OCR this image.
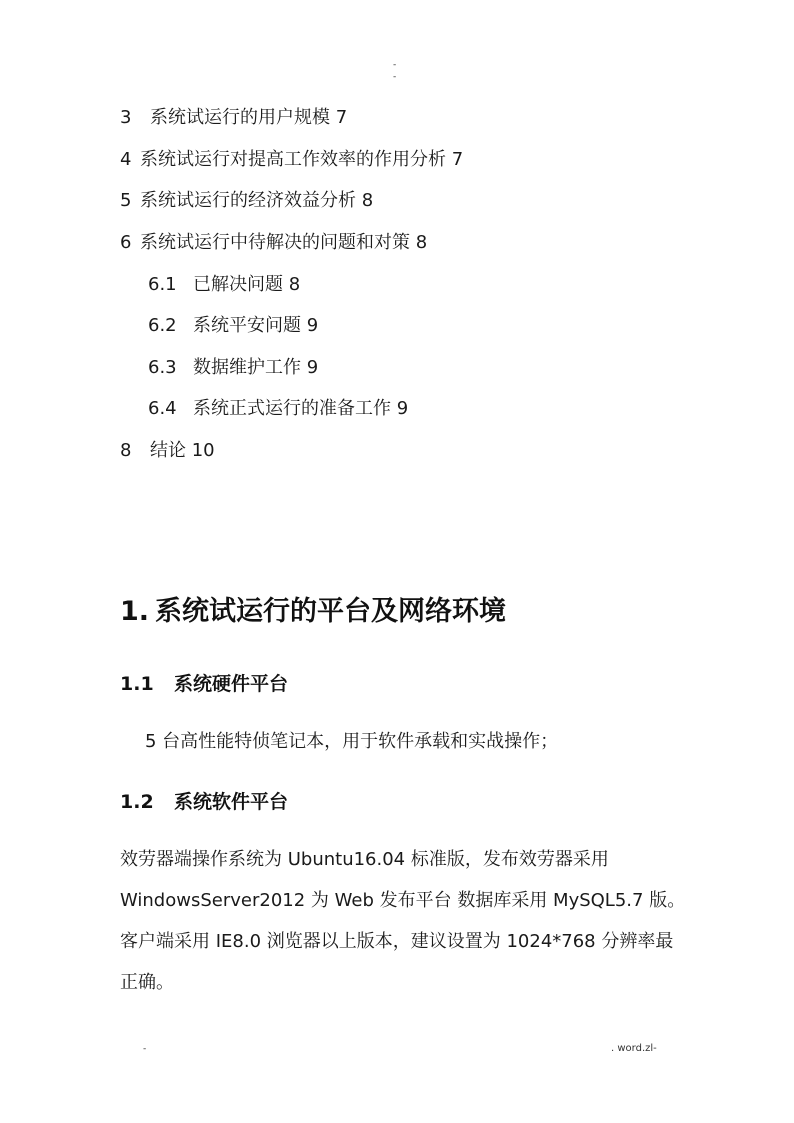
-
-
3 系统试运行的用户规模 7
4 系统试运行对提高工作效率的作用分析 7
5 系统试运行的经济效益分析 8
6 系统试运行中待解决的问题和对策 8
6.1 已解决问题 8
6.2 系统平安问题 9
6.3 数据维护工作 9
6.4 系统正式运行的准备工作 9
8 结论 10
1. 系统试运行的平台及网络环境
1.1 系统硬件平台
5 台高性能特侦笔记本，用于软件承载和实战操作；
1.2 系统软件平台
效劳器端操作系统为 Ubuntu16.04 标准版，发布效劳器采用
WindowsServer2012 为 Web 发布平台 数据库采用 MySQL5.7 版。
客户端采用 IE8.0 浏览器以上版本，建议设置为 1024*768 分辨率最
正确。
-	. word.zl-
